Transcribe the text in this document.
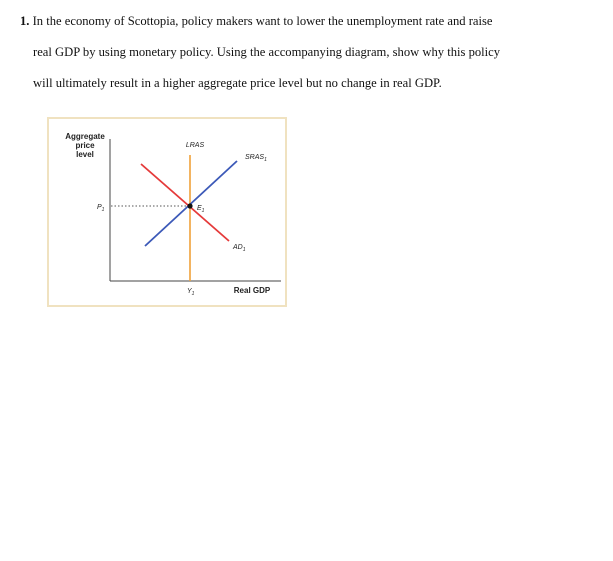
1. In the economy of Scottopia, policy makers want to lower the unemployment rate and raise
real GDP by using monetary policy. Using the accompanying diagram, show why this policy
will ultimately result in a higher aggregate price level but no change in real GDP.
Aggregate
price
level
Real GDP
$P_1$
LRAS
$SRAS_1$
$AD_1$
$E_1$
$Y_1$
